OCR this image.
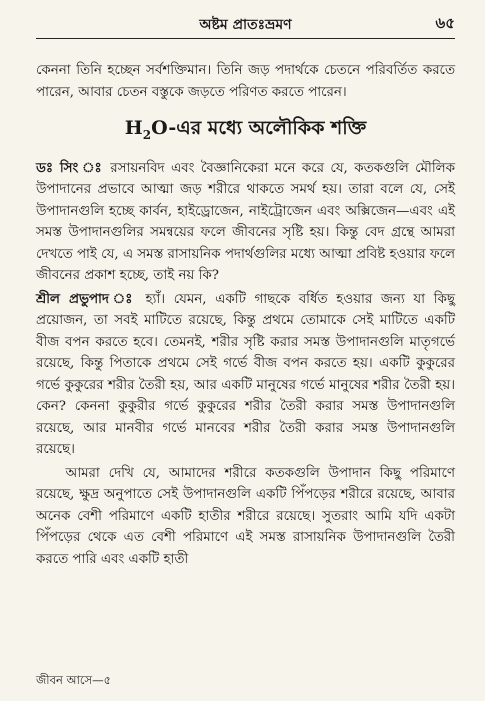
অষ্টম প্রাতঃভ্রমণ	৬৫

কেননা তিনি হচ্ছেন সর্বশক্তিমান। তিনি জড় পদার্থকে চেতনে পরিবর্তিত করতে পারেন, আবার চেতন বস্তুকে জড়তে পরিণত করতে পারেন।

$H_2O-এর$ মধ্যে অলৌকিক শক্তি

ডঃ সিং ঃ রসায়নবিদ এবং বৈজ্ঞানিকেরা মনে করে যে, কতকগুলি মৌলিক উপাদানের প্রভাবে আত্মা জড় শরীরে থাকতে সমর্থ হয়। তারা বলে যে, সেই উপাদানগুলি হচ্ছে কার্বন, হাইড্রোজেন, নাইট্রোজেন এবং অক্সিজেন—এবং এই সমস্ত উপাদানগুলির সমন্বয়ের ফলে জীবনের সৃষ্টি হয়। কিন্তু বেদ গ্রন্থে আমরা দেখতে পাই যে, এ সমস্ত রাসায়নিক পদার্থগুলির মধ্যে আত্মা প্রবিষ্ট হওয়ার ফলে জীবনের প্রকাশ হচ্ছে, তাই নয় কি?

শ্রীল প্রভুপাদ ঃ হ্যাঁ। যেমন, একটি গাছকে বর্ধিত হওয়ার জন্য যা কিছু প্রয়োজন, তা সবই মাটিতে রয়েছে, কিন্তু প্রথমে তোমাকে সেই মাটিতে একটি বীজ বপন করতে হবে। তেমনই, শরীর সৃষ্টি করার সমস্ত উপাদানগুলি মাতৃগর্ভে রয়েছে, কিন্তু পিতাকে প্রথমে সেই গর্ভে বীজ বপন করতে হয়। একটি কুকুরের গর্ভে কুকুরের শরীর তৈরী হয়, আর একটি মানুষের গর্ভে মানুষের শরীর তৈরী হয়। কেন? কেননা কুকুরীর গর্ভে কুকুরের শরীর তৈরী করার সমস্ত উপাদানগুলি রয়েছে, আর মানবীর গর্ভে মানবের শরীর তৈরী করার সমস্ত উপাদানগুলি রয়েছে।

আমরা দেখি যে, আমাদের শরীরে কতকগুলি উপাদান কিছু পরিমাণে রয়েছে, ক্ষুদ্র অনুপাতে সেই উপাদানগুলি একটি পিঁপড়ের শরীরে রয়েছে, আবার অনেক বেশী পরিমাণে একটি হাতীর শরীরে রয়েছে। সুতরাং আমি যদি একটা পিঁপড়ের থেকে এত বেশী পরিমাণে এই সমস্ত রাসায়নিক উপাদানগুলি তৈরী করতে পারি এবং একটি হাতী

জীবন আসে—৫
